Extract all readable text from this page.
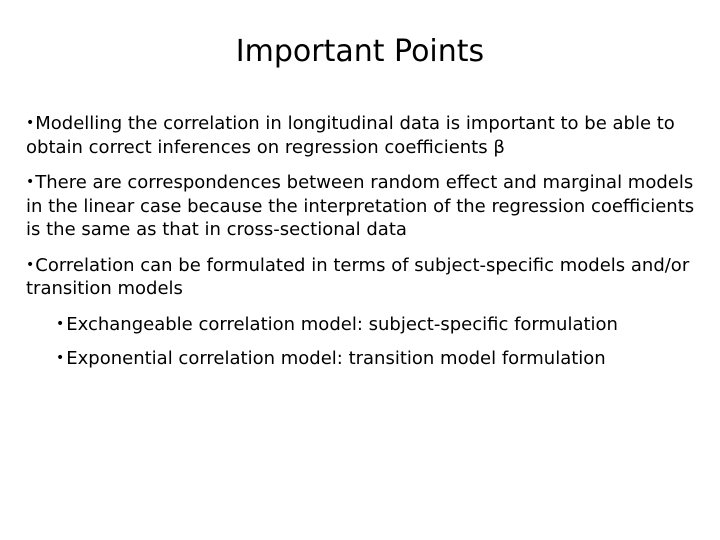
Important Points
•Modelling the correlation in longitudinal data is important to be able to obtain correct inferences on regression coefficients β
•There are correspondences between random effect and marginal models in the linear case because the interpretation of the regression coefficients is the same as that in cross-sectional data
•Correlation can be formulated in terms of subject-specific models and/or transition models
• Exchangeable correlation model: subject-specific formulation
• Exponential correlation model: transition model formulation
